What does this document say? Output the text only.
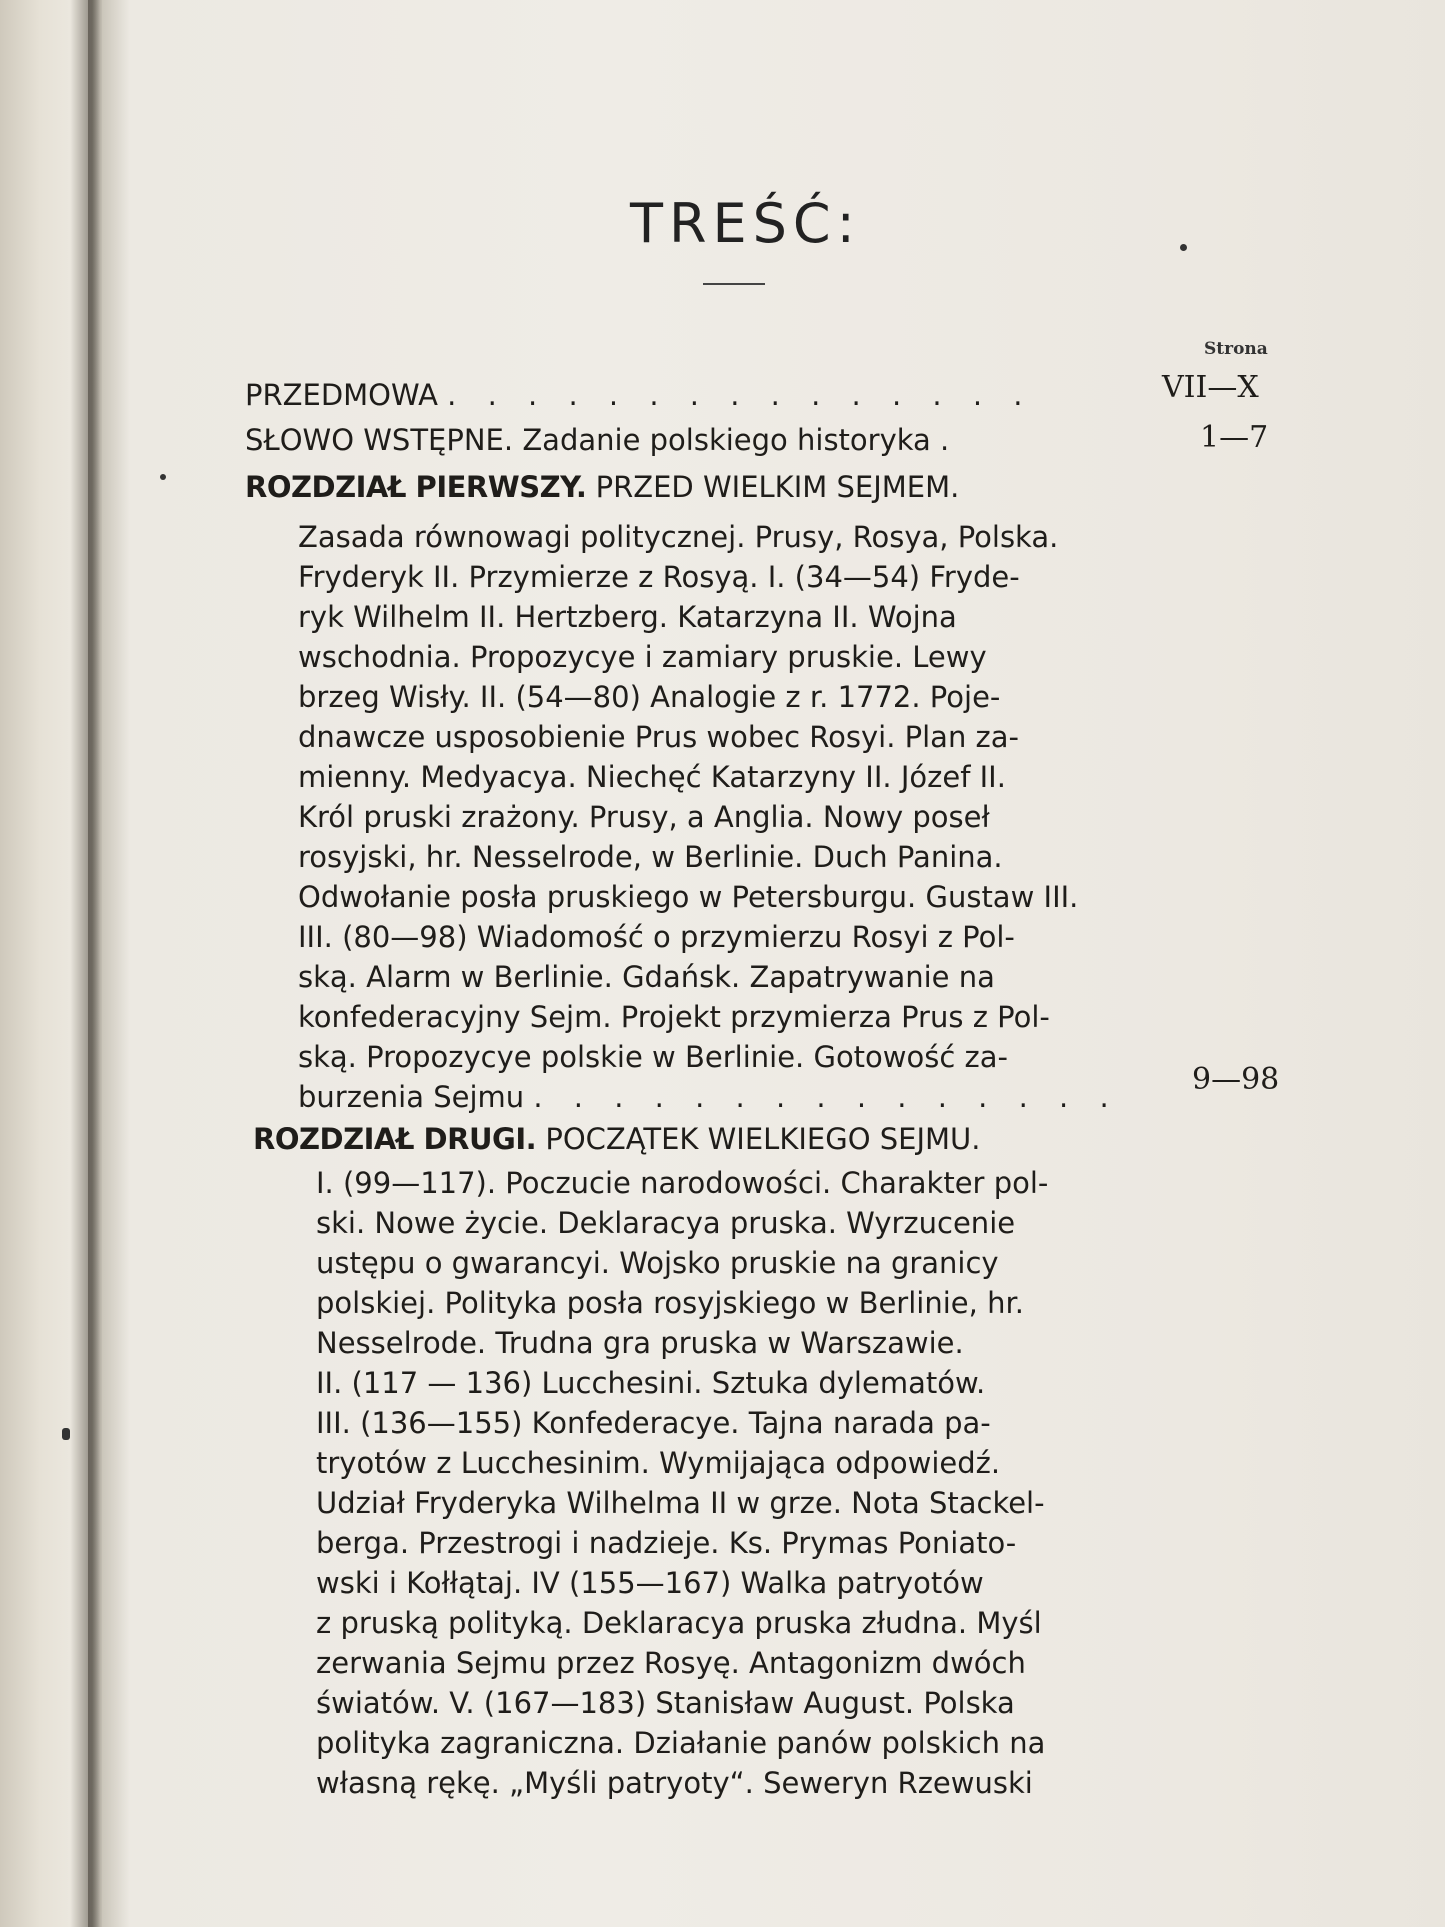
TREŚĆ:
Strona
PRZEDMOWA . . . . . . . . . . . . . . .	VII—X
SŁOWO WSTĘPNE. Zadanie polskiego historyka .	1—7
ROZDZIAŁ PIERWSZY. PRZED WIELKIM SEJMEM.
Zasada równowagi politycznej. Prusy, Rosya, Polska.
Fryderyk II. Przymierze z Rosyą. I. (34—54) Fryde-
ryk Wilhelm II. Hertzberg. Katarzyna II. Wojna
wschodnia. Propozycye i zamiary pruskie. Lewy
brzeg Wisły. II. (54—80) Analogie z r. 1772. Poje-
dnawcze usposobienie Prus wobec Rosyi. Plan za-
mienny. Medyacya. Niechęć Katarzyny II. Józef II.
Król pruski zrażony. Prusy, a Anglia. Nowy poseł
rosyjski, hr. Nesselrode, w Berlinie. Duch Panina.
Odwołanie posła pruskiego w Petersburgu. Gustaw III.
III. (80—98) Wiadomość o przymierzu Rosyi z Pol-
ską. Alarm w Berlinie. Gdańsk. Zapatrywanie na
konfederacyjny Sejm. Projekt przymierza Prus z Pol-
ską. Propozycye polskie w Berlinie. Gotowość za-
burzenia Sejmu . . . . . . . . . . . . . . . 9—98
ROZDZIAŁ DRUGI. POCZĄTEK WIELKIEGO SEJMU.
I. (99—117). Poczucie narodowości. Charakter pol-
ski. Nowe życie. Deklaracya pruska. Wyrzucenie
ustępu o gwarancyi. Wojsko pruskie na granicy
polskiej. Polityka posła rosyjskiego w Berlinie, hr.
Nesselrode. Trudna gra pruska w Warszawie.
II. (117 — 136) Lucchesini. Sztuka dylematów.
III. (136—155) Konfederacye. Tajna narada pa-
tryotów z Lucchesinim. Wymijająca odpowiedź.
Udział Fryderyka Wilhelma II w grze. Nota Stackel-
berga. Przestrogi i nadzieje. Ks. Prymas Poniato-
wski i Kołłątaj. IV (155—167) Walka patryotów
z pruską polityką. Deklaracya pruska złudna. Myśl
zerwania Sejmu przez Rosyę. Antagonizm dwóch
światów. V. (167—183) Stanisław August. Polska
polityka zagraniczna. Działanie panów polskich na
własną rękę. „Myśli patryoty“. Seweryn Rzewuski
